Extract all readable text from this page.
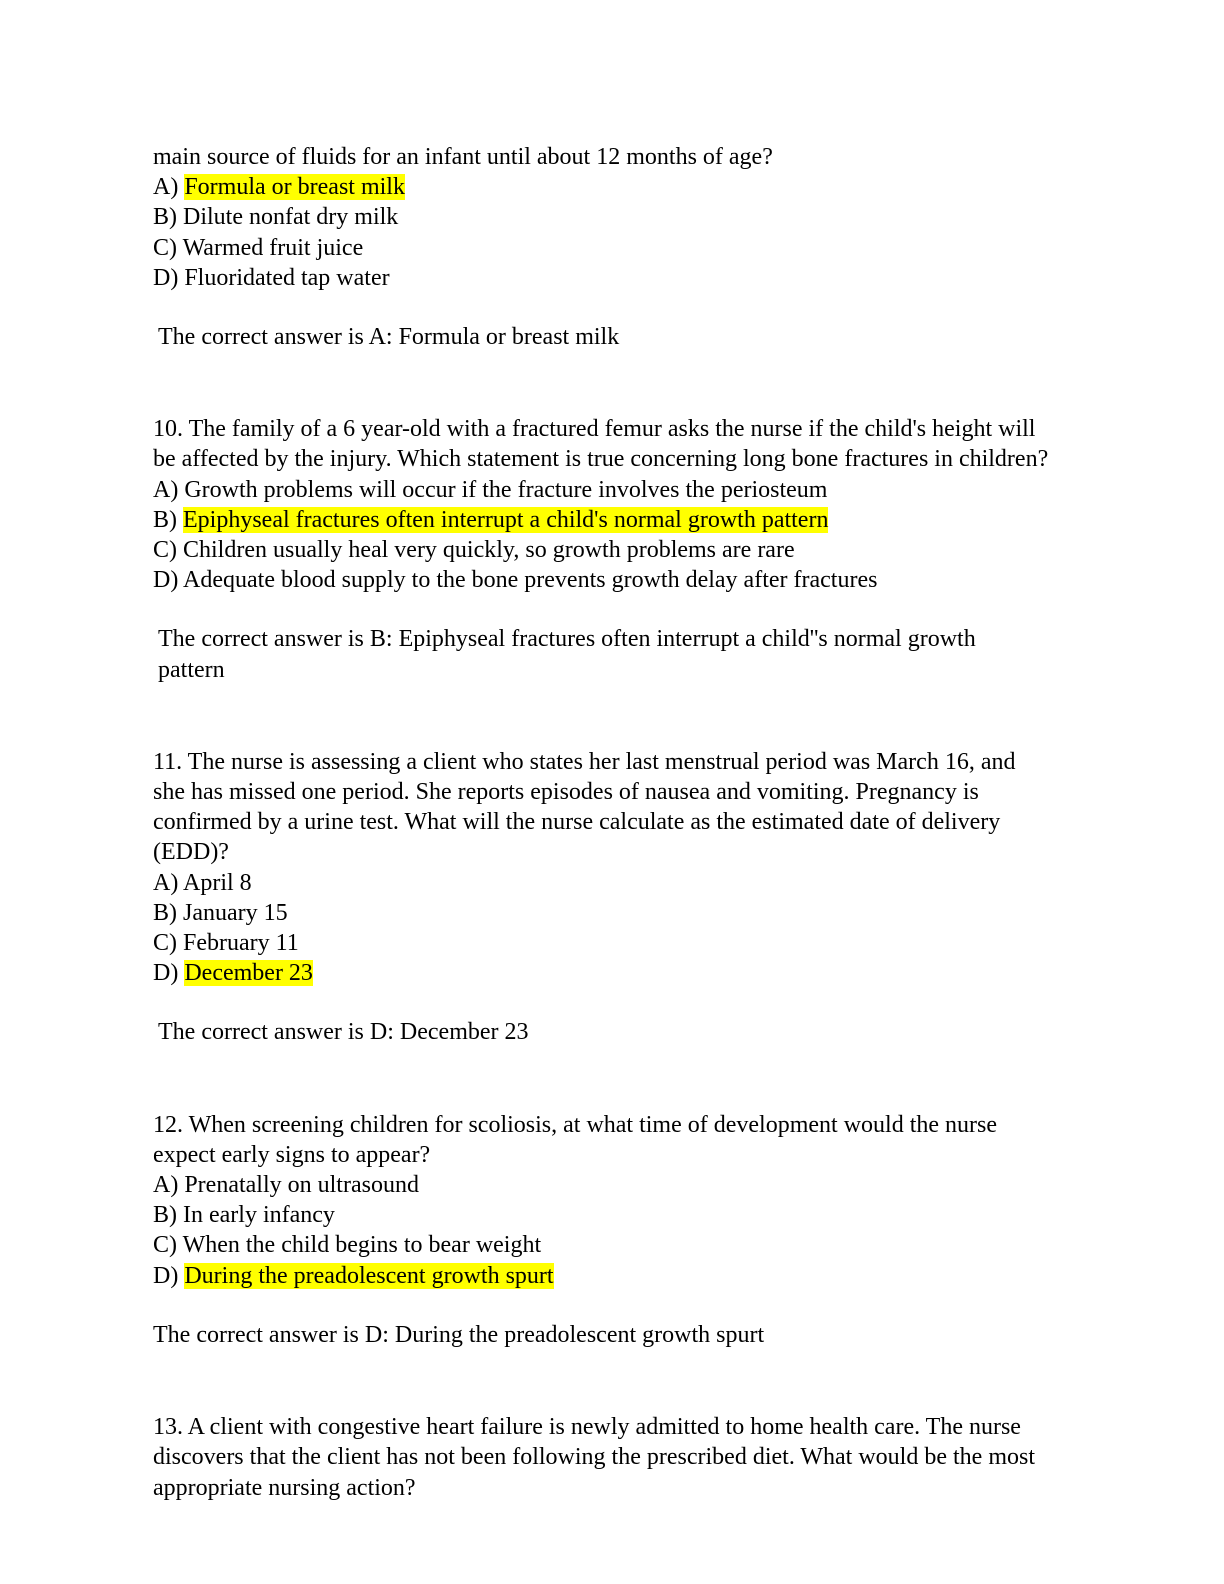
main source of fluids for an infant until about 12 months of age?
A) Formula or breast milk
B) Dilute nonfat dry milk
C) Warmed fruit juice
D) Fluoridated tap water
The correct answer is A: Formula or breast milk
10. The family of a 6 year-old with a fractured femur asks the nurse if the child's height will be affected by the injury. Which statement is true concerning long bone fractures in children?
A) Growth problems will occur if the fracture involves the periosteum
B) Epiphyseal fractures often interrupt a child's normal growth pattern
C) Children usually heal very quickly, so growth problems are rare
D) Adequate blood supply to the bone prevents growth delay after fractures
The correct answer is B: Epiphyseal fractures often interrupt a child''s normal growth pattern
11. The nurse is assessing a client who states her last menstrual period was March 16, and she has missed one period. She reports episodes of nausea and vomiting. Pregnancy is confirmed by a urine test. What will the nurse calculate as the estimated date of delivery (EDD)?
A) April 8
B) January 15
C) February 11
D) December 23
The correct answer is D: December 23
12. When screening children for scoliosis, at what time of development would the nurse expect early signs to appear?
A) Prenatally on ultrasound
B) In early infancy
C) When the child begins to bear weight
D) During the preadolescent growth spurt
The correct answer is D: During the preadolescent growth spurt
13. A client with congestive heart failure is newly admitted to home health care. The nurse discovers that the client has not been following the prescribed diet. What would be the most appropriate nursing action?
